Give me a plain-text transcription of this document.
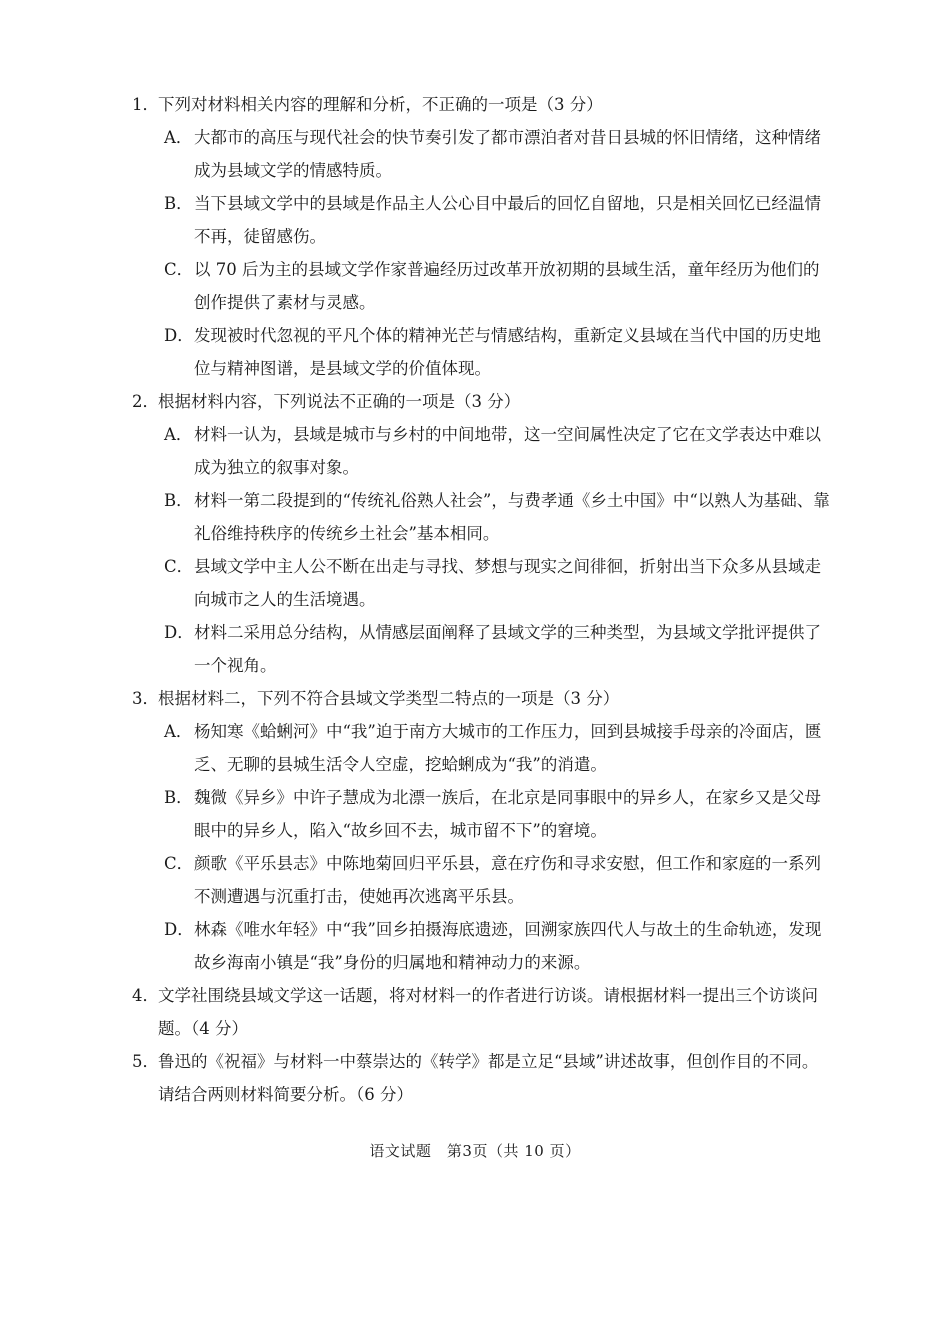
1． 下列对材料相关内容的理解和分析，不正确的一项是（3 分）
A． 大都市的高压与现代社会的快节奏引发了都市漂泊者对昔日县城的怀旧情绪，这种情绪成为县域文学的情感特质。
B． 当下县域文学中的县域是作品主人公心目中最后的回忆自留地，只是相关回忆已经温情不再，徒留感伤。
C． 以 70 后为主的县域文学作家普遍经历过改革开放初期的县域生活，童年经历为他们的创作提供了素材与灵感。
D． 发现被时代忽视的平凡个体的精神光芒与情感结构，重新定义县域在当代中国的历史地位与精神图谱，是县域文学的价值体现。
2． 根据材料内容，下列说法不正确的一项是（3 分）
A． 材料一认为，县域是城市与乡村的中间地带，这一空间属性决定了它在文学表达中难以成为独立的叙事对象。
B． 材料一第二段提到的“传统礼俗熟人社会”，与费孝通《乡土中国》中“以熟人为基础、靠礼俗维持秩序的传统乡土社会”基本相同。
C． 县域文学中主人公不断在出走与寻找、梦想与现实之间徘徊，折射出当下众多从县域走向城市之人的生活境遇。
D． 材料二采用总分结构，从情感层面阐释了县域文学的三种类型，为县域文学批评提供了一个视角。
3． 根据材料二，下列不符合县域文学类型二特点的一项是（3 分）
A． 杨知寒《蛤蜊河》中“我”迫于南方大城市的工作压力，回到县城接手母亲的冷面店，匮乏、无聊的县城生活令人空虚，挖蛤蜊成为“我”的消遣。
B． 魏微《异乡》中许子慧成为北漂一族后，在北京是同事眼中的异乡人，在家乡又是父母眼中的异乡人，陷入“故乡回不去，城市留不下”的窘境。
C． 颜歌《平乐县志》中陈地菊回归平乐县，意在疗伤和寻求安慰，但工作和家庭的一系列不测遭遇与沉重打击，使她再次逃离平乐县。
D． 林森《唯水年轻》中“我”回乡拍摄海底遗迹，回溯家族四代人与故土的生命轨迹，发现故乡海南小镇是“我”身份的归属地和精神动力的来源。
4． 文学社围绕县域文学这一话题，将对材料一的作者进行访谈。请根据材料一提出三个访谈问题。（4 分）
5． 鲁迅的《祝福》与材料一中蔡崇达的《转学》都是立足“县域”讲述故事，但创作目的不同。请结合两则材料简要分析。（6 分）
语文试题　第3页（共 10 页）
